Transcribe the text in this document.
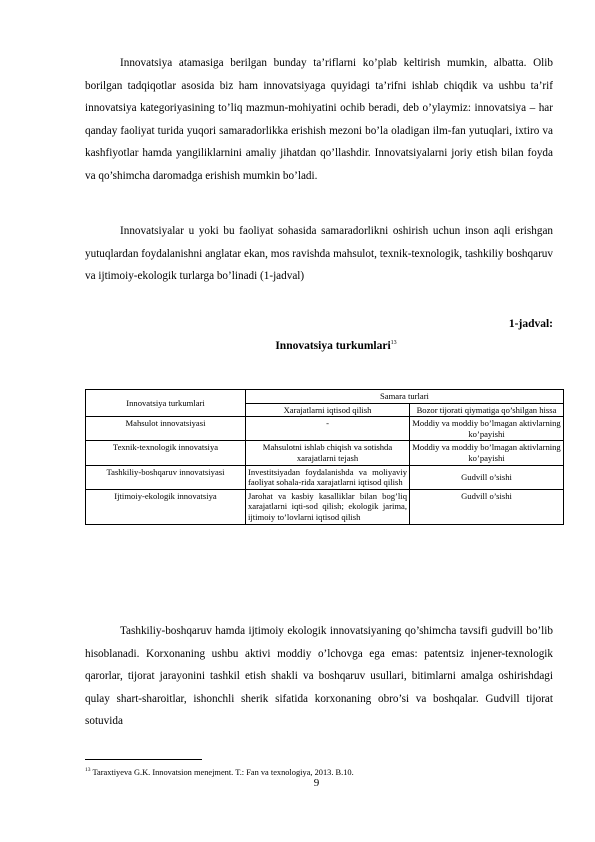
Innovatsiya atamasiga berilgan bunday ta’riflarni ko’plab keltirish mumkin, albatta. Olib borilgan tadqiqotlar asosida biz ham innovatsiyaga quyidagi ta’rifni ishlab chiqdik va ushbu ta’rif innovatsiya kategoriyasining to’liq mazmun-mohiyatini ochib beradi, deb o’ylaymiz: innovatsiya – har qanday faoliyat turida yuqori samaradorlikka erishish mezoni bo’la oladigan ilm-fan yutuqlari, ixtiro va kashfiyotlar hamda yangiliklarnini amaliy jihatdan qo’llashdir. Innovatsiyalarni joriy etish bilan foyda va qo’shimcha daromadga erishish mumkin bo’ladi.

Innovatsiyalar u yoki bu faoliyat sohasida samaradorlikni oshirish uchun inson aqli erishgan yutuqlardan foydalanishni anglatar ekan, mos ravishda mahsulot, texnik-texnologik, tashkiliy boshqaruv va ijtimoiy-ekologik turlarga bo’linadi (1-jadval)

1-jadval:
Innovatsiya turkumlari$^{13}$
Innovatsiya turkumlari	Samara turlari	
	Xarajatlarni iqtisod qilish	Bozor tijorati qiymatiga qo’shilgan hissa
Mahsulot innovatsiyasi	-	Moddiy va moddiy bo’lmagan aktivlarning ko’payishi
Texnik-texnologik innovatsiya	Mahsulotni ishlab chiqish va sotishda xarajatlarni tejash	Moddiy va moddiy bo’lmagan aktivlarning ko’payishi
Tashkiliy-boshqaruv innovatsiyasi	Investitsiyadan foydalanishda va moliyaviy faoliyat sohala-rida xarajatlarni iqtisod qilish	Gudvill o’sishi
Ijtimoiy-ekologik innovatsiya	Jarohat va kasbiy kasalliklar bilan bog’liq xarajatlarni iqti-sod qilish; ekologik jarima, ijtimoiy to’lovlarni iqtisod qilish	Gudvill o’sishi

Tashkiliy-boshqaruv hamda ijtimoiy ekologik innovatsiyaning qo’shimcha tavsifi gudvill bo’lib hisoblanadi. Korxonaning ushbu aktivi moddiy o’lchovga ega emas: patentsiz injener-texnologik qarorlar, tijorat jarayonini tashkil etish shakli va boshqaruv usullari, bitimlarni amalga oshirishdagi qulay shart-sharoitlar, ishonchli sherik sifatida korxonaning obro’si va boshqalar. Gudvill tijorat sotuvida

$^{13}$ Taraxtiyeva G.K. Innovatsion menejment. T.: Fan va texnologiya, 2013. B.10.
9
